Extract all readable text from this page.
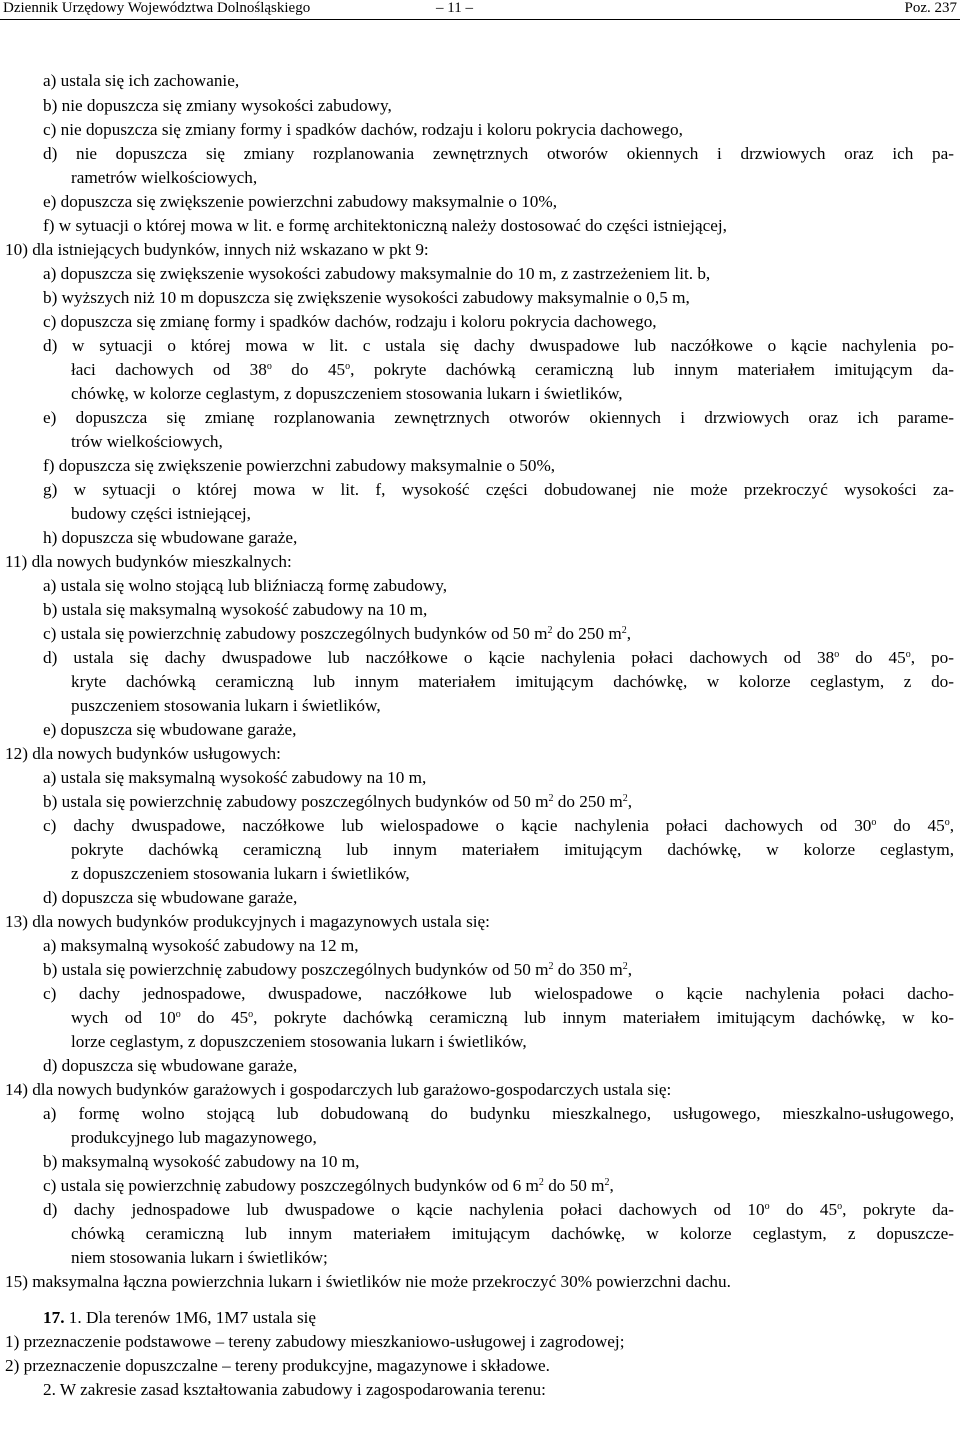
Dziennik Urzędowy Województwa Dolnośląskiego	– 11 –	Poz. 237
a) ustala się ich zachowanie,
b) nie dopuszcza się zmiany wysokości zabudowy,
c) nie dopuszcza się zmiany formy i spadków dachów, rodzaju i koloru pokrycia dachowego,
d) nie dopuszcza się zmiany rozplanowania zewnętrznych otworów okiennych i drzwiowych oraz ich pa-
rametrów wielkościowych,
e) dopuszcza się zwiększenie powierzchni zabudowy maksymalnie o 10%,
f) w sytuacji o której mowa w lit. e formę architektoniczną należy dostosować do części istniejącej,
10) dla istniejących budynków, innych niż wskazano w pkt 9:
a) dopuszcza się zwiększenie wysokości zabudowy maksymalnie do 10 m, z zastrzeżeniem lit. b,
b) wyższych niż 10 m dopuszcza się zwiększenie wysokości zabudowy maksymalnie o 0,5 m,
c) dopuszcza się zmianę formy i spadków dachów, rodzaju i koloru pokrycia dachowego,
d) w sytuacji o której mowa w lit. c ustala się dachy dwuspadowe lub naczółkowe o kącie nachylenia po-
łaci dachowych od 38$^o$ do 45$^o$, pokryte dachówką ceramiczną lub innym materiałem imitującym da-
chówkę, w kolorze ceglastym, z dopuszczeniem stosowania lukarn i świetlików,
e) dopuszcza się zmianę rozplanowania zewnętrznych otworów okiennych i drzwiowych oraz ich parame-
trów wielkościowych,
f) dopuszcza się zwiększenie powierzchni zabudowy maksymalnie o 50%,
g) w sytuacji o której mowa w lit. f, wysokość części dobudowanej nie może przekroczyć wysokości za-
budowy części istniejącej,
h) dopuszcza się wbudowane garaże,
11) dla nowych budynków mieszkalnych:
a) ustala się wolno stojącą lub bliźniaczą formę zabudowy,
b) ustala się maksymalną wysokość zabudowy na 10 m,
c) ustala się powierzchnię zabudowy poszczególnych budynków od 50 $m^2$ do 250 $m^2$,
d) ustala się dachy dwuspadowe lub naczółkowe o kącie nachylenia połaci dachowych od 38$^o$ do 45$^o$, po-
kryte dachówką ceramiczną lub innym materiałem imitującym dachówkę, w kolorze ceglastym, z do-
puszczeniem stosowania lukarn i świetlików,
e) dopuszcza się wbudowane garaże,
12) dla nowych budynków usługowych:
a) ustala się maksymalną wysokość zabudowy na 10 m,
b) ustala się powierzchnię zabudowy poszczególnych budynków od 50 $m^2$ do 250 $m^2$,
c) dachy dwuspadowe, naczółkowe lub wielospadowe o kącie nachylenia połaci dachowych od 30$^o$ do 45$^o$,
pokryte dachówką ceramiczną lub innym materiałem imitującym dachówkę, w kolorze ceglastym,
z dopuszczeniem stosowania lukarn i świetlików,
d) dopuszcza się wbudowane garaże,
13) dla nowych budynków produkcyjnych i magazynowych ustala się:
a) maksymalną wysokość zabudowy na 12 m,
b) ustala się powierzchnię zabudowy poszczególnych budynków od 50 $m^2$ do 350 $m^2$,
c) dachy jednospadowe, dwuspadowe, naczółkowe lub wielospadowe o kącie nachylenia połaci dacho-
wych od 10$^o$ do 45$^o$, pokryte dachówką ceramiczną lub innym materiałem imitującym dachówkę, w ko-
lorze ceglastym, z dopuszczeniem stosowania lukarn i świetlików,
d) dopuszcza się wbudowane garaże,
14) dla nowych budynków garażowych i gospodarczych lub garażowo-gospodarczych ustala się:
a) formę wolno stojącą lub dobudowaną do budynku mieszkalnego, usługowego, mieszkalno-usługowego,
produkcyjnego lub magazynowego,
b) maksymalną wysokość zabudowy na 10 m,
c) ustala się powierzchnię zabudowy poszczególnych budynków od 6 $m^2$ do 50 $m^2$,
d) dachy jednospadowe lub dwuspadowe o kącie nachylenia połaci dachowych od 10$^o$ do 45$^o$, pokryte da-
chówką ceramiczną lub innym materiałem imitującym dachówkę, w kolorze ceglastym, z dopuszcze-
niem stosowania lukarn i świetlików;
15) maksymalna łączna powierzchnia lukarn i świetlików nie może przekroczyć 30% powierzchni dachu.
17. 1. Dla terenów 1M6, 1M7 ustala się
1) przeznaczenie podstawowe – tereny zabudowy mieszkaniowo-usługowej i zagrodowej;
2) przeznaczenie dopuszczalne – tereny produkcyjne, magazynowe i składowe.
2. W zakresie zasad kształtowania zabudowy i zagospodarowania terenu:
